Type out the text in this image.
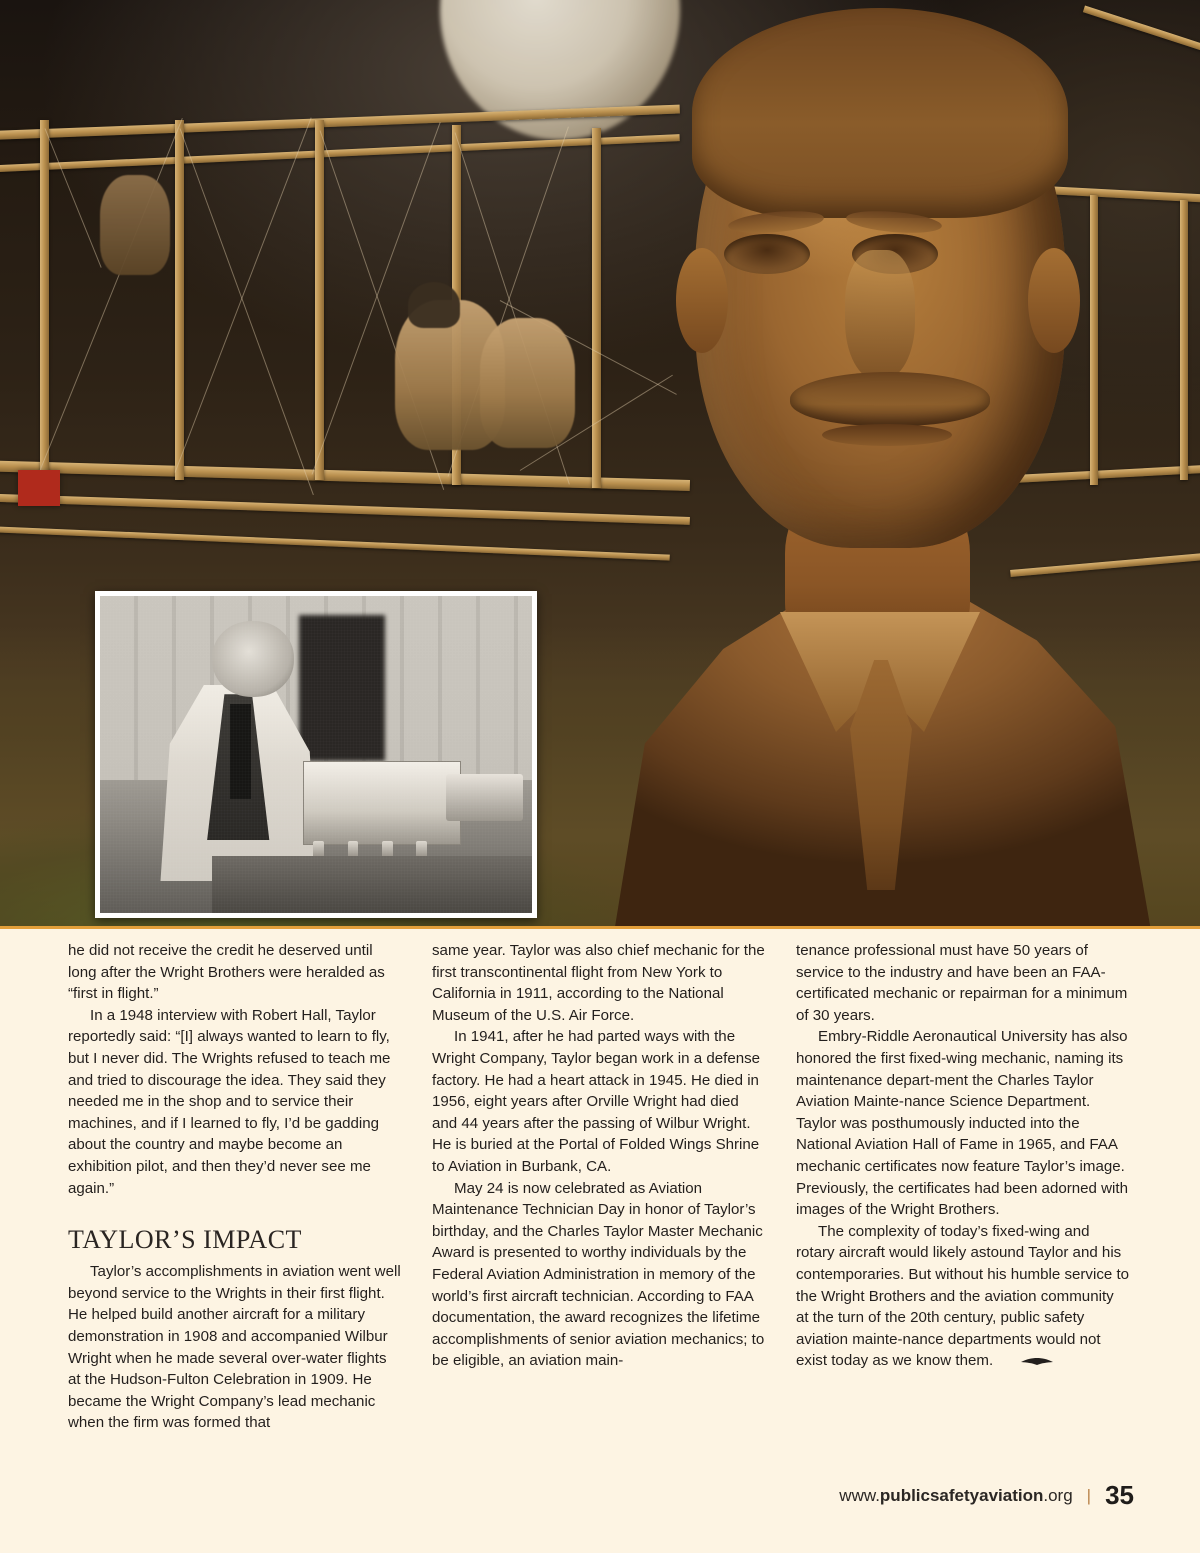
he did not receive the credit he deserved until long after the Wright Brothers were heralded as “first in flight.”

In a 1948 interview with Robert Hall, Taylor reportedly said: “[I] always wanted to learn to fly, but I never did. The Wrights refused to teach me and tried to discourage the idea. They said they needed me in the shop and to service their machines, and if I learned to fly, I’d be gadding about the country and maybe become an exhibition pilot, and then they’d never see me again.”

TAYLOR’S IMPACT

Taylor’s accomplishments in aviation went well beyond service to the Wrights in their first flight. He helped build another aircraft for a military demonstration in 1908 and accompanied Wilbur Wright when he made several over-water flights at the Hudson-Fulton Celebration in 1909. He became the Wright Company’s lead mechanic when the firm was formed that

same year. Taylor was also chief mechanic for the first transcontinental flight from New York to California in 1911, according to the National Museum of the U.S. Air Force.

In 1941, after he had parted ways with the Wright Company, Taylor began work in a defense factory. He had a heart attack in 1945. He died in 1956, eight years after Orville Wright had died and 44 years after the passing of Wilbur Wright. He is buried at the Portal of Folded Wings Shrine to Aviation in Burbank, CA.

May 24 is now celebrated as Aviation Maintenance Technician Day in honor of Taylor’s birthday, and the Charles Taylor Master Mechanic Award is presented to worthy individuals by the Federal Aviation Administration in memory of the world’s first aircraft technician. According to FAA documentation, the award recognizes the lifetime accomplishments of senior aviation mechanics; to be eligible, an aviation main-

tenance professional must have 50 years of service to the industry and have been an FAA-certificated mechanic or repairman for a minimum of 30 years.

Embry-Riddle Aeronautical University has also honored the first fixed-wing mechanic, naming its maintenance depart-ment the Charles Taylor Aviation Mainte-nance Science Department. Taylor was posthumously inducted into the National Aviation Hall of Fame in 1965, and FAA mechanic certificates now feature Taylor’s image. Previously, the certificates had been adorned with images of the Wright Brothers.

The complexity of today’s fixed-wing and rotary aircraft would likely astound Taylor and his contemporaries. But without his humble service to the Wright Brothers and the aviation community at the turn of the 20th century, public safety aviation mainte-nance departments would not exist today as we know them.

www.publicsafetyaviation.org | 35
